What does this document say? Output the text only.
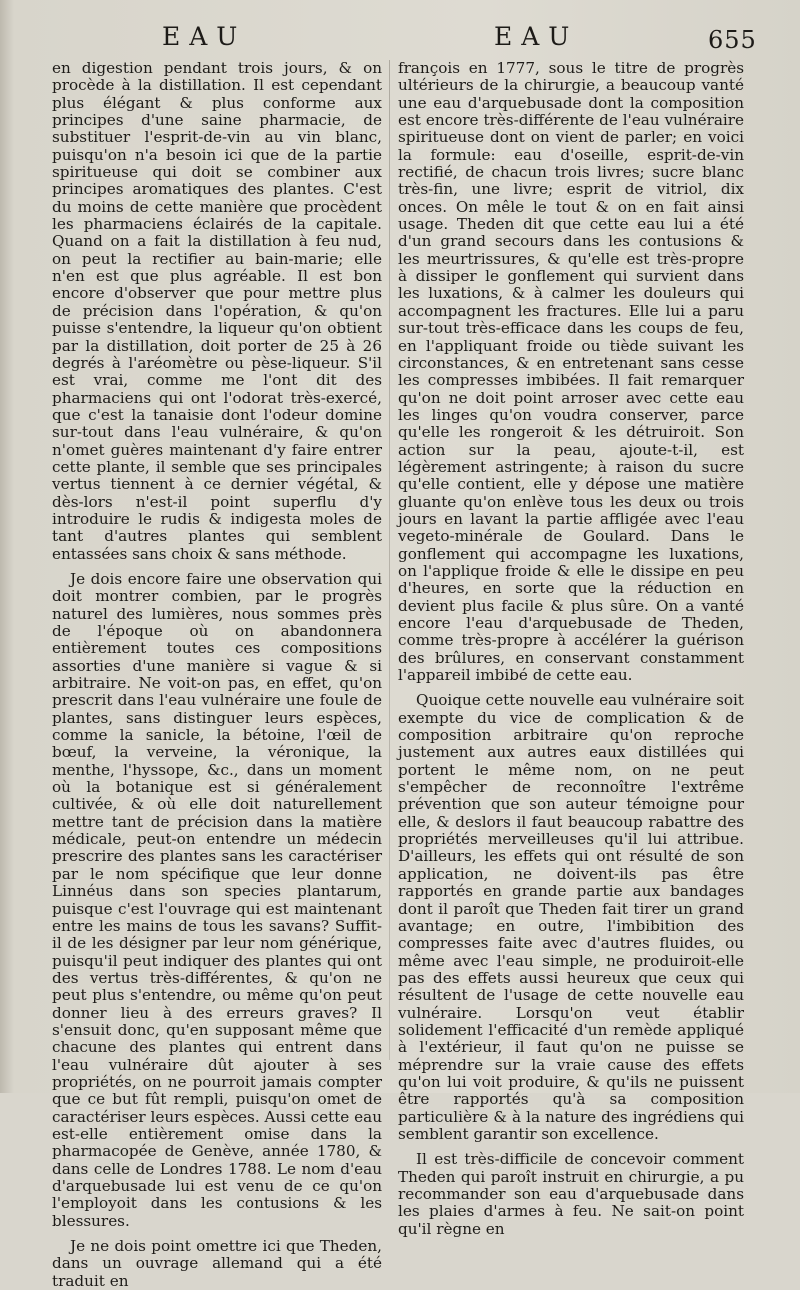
EAU	EAU	655

en digestion pendant trois jours, & on procède à la distillation. Il est cependant plus élégant & plus conforme aux principes d'une saine pharmacie, de substituer l'esprit-de-vin au vin blanc, puisqu'on n'a besoin ici que de la partie spiritueuse qui doit se combiner aux principes aromatiques des plantes. C'est du moins de cette manière que procèdent les pharmaciens éclairés de la capitale. Quand on a fait la distillation à feu nud, on peut la rectifier au bain-marie; elle n'en est que plus agréable. Il est bon encore d'observer que pour mettre plus de précision dans l'opération, & qu'on puisse s'entendre, la liqueur qu'on obtient par la distillation, doit porter de 25 à 26 degrés à l'aréomètre ou pèse-liqueur. S'il est vrai, comme me l'ont dit des pharmaciens qui ont l'odorat très-exercé, que c'est la tanaisie dont l'odeur domine sur-tout dans l'eau vulnéraire, & qu'on n'omet guères maintenant d'y faire entrer cette plante, il semble que ses principales vertus tiennent à ce dernier végétal, & dès-lors n'est-il point superflu d'y introduire le rudis & indigesta moles de tant d'autres plantes qui semblent entassées sans choix & sans méthode.

Je dois encore faire une observation qui doit montrer combien, par le progrès naturel des lumières, nous sommes près de l'époque où on abandonnera entièrement toutes ces compositions assorties d'une manière si vague & si arbitraire. Ne voit-on pas, en effet, qu'on prescrit dans l'eau vulnéraire une foule de plantes, sans distinguer leurs espèces, comme la sanicle, la bétoine, l'œil de bœuf, la verveine, la véronique, la menthe, l'hyssope, &c., dans un moment où la botanique est si généralement cultivée, & où elle doit naturellement mettre tant de précision dans la matière médicale, peut-on entendre un médecin prescrire des plantes sans les caractériser par le nom spécifique que leur donne Linnéus dans son species plantarum, puisque c'est l'ouvrage qui est maintenant entre les mains de tous les savans? Suffit-il de les désigner par leur nom générique, puisqu'il peut indiquer des plantes qui ont des vertus très-différentes, & qu'on ne peut plus s'entendre, ou même qu'on peut donner lieu à des erreurs graves? Il s'ensuit donc, qu'en supposant même que chacune des plantes qui entrent dans l'eau vulnéraire dût ajouter à ses propriétés, on ne pourroit jamais compter que ce but fût rempli, puisqu'on omet de caractériser leurs espèces. Aussi cette eau est-elle entièrement omise dans la pharmacopée de Genève, année 1780, & dans celle de Londres 1788. Le nom d'eau d'arquebusade lui est venu de ce qu'on l'employoit dans les contusions & les blessures.

Je ne dois point omettre ici que Theden, dans un ouvrage allemand qui a été traduit en

françois en 1777, sous le titre de progrès ultérieurs de la chirurgie, a beaucoup vanté une eau d'arquebusade dont la composition est encore très-différente de l'eau vulnéraire spiritueuse dont on vient de parler; en voici la formule: eau d'oseille, esprit-de-vin rectifié, de chacun trois livres; sucre blanc très-fin, une livre; esprit de vitriol, dix onces. On mêle le tout & on en fait ainsi usage. Theden dit que cette eau lui a été d'un grand secours dans les contusions & les meurtrissures, & qu'elle est très-propre à dissiper le gonflement qui survient dans les luxations, & à calmer les douleurs qui accompagnent les fractures. Elle lui a paru sur-tout très-efficace dans les coups de feu, en l'appliquant froide ou tiède suivant les circonstances, & en entretenant sans cesse les compresses imbibées. Il fait remarquer qu'on ne doit point arroser avec cette eau les linges qu'on voudra conserver, parce qu'elle les rongeroit & les détruiroit. Son action sur la peau, ajoute-t-il, est légèrement astringente; à raison du sucre qu'elle contient, elle y dépose une matière gluante qu'on enlève tous les deux ou trois jours en lavant la partie affligée avec l'eau vegeto-minérale de Goulard. Dans le gonflement qui accompagne les luxations, on l'applique froide & elle le dissipe en peu d'heures, en sorte que la réduction en devient plus facile & plus sûre. On a vanté encore l'eau d'arquebusade de Theden, comme très-propre à accélérer la guérison des brûlures, en conservant constamment l'appareil imbibé de cette eau.

Quoique cette nouvelle eau vulnéraire soit exempte du vice de complication & de composition arbitraire qu'on reproche justement aux autres eaux distillées qui portent le même nom, on ne peut s'empêcher de reconnoître l'extrême prévention que son auteur témoigne pour elle, & deslors il faut beaucoup rabattre des propriétés merveilleuses qu'il lui attribue. D'ailleurs, les effets qui ont résulté de son application, ne doivent-ils pas être rapportés en grande partie aux bandages dont il paroît que Theden fait tirer un grand avantage; en outre, l'imbibition des compresses faite avec d'autres fluides, ou même avec l'eau simple, ne produiroit-elle pas des effets aussi heureux que ceux qui résultent de l'usage de cette nouvelle eau vulnéraire. Lorsqu'on veut établir solidement l'efficacité d'un remède appliqué à l'extérieur, il faut qu'on ne puisse se méprendre sur la vraie cause des effets qu'on lui voit produire, & qu'ils ne puissent être rapportés qu'à sa composition particulière & à la nature des ingrédiens qui semblent garantir son excellence.

Il est très-difficile de concevoir comment Theden qui paroît instruit en chirurgie, a pu recommander son eau d'arquebusade dans les plaies d'armes à feu. Ne sait-on point qu'il règne en
